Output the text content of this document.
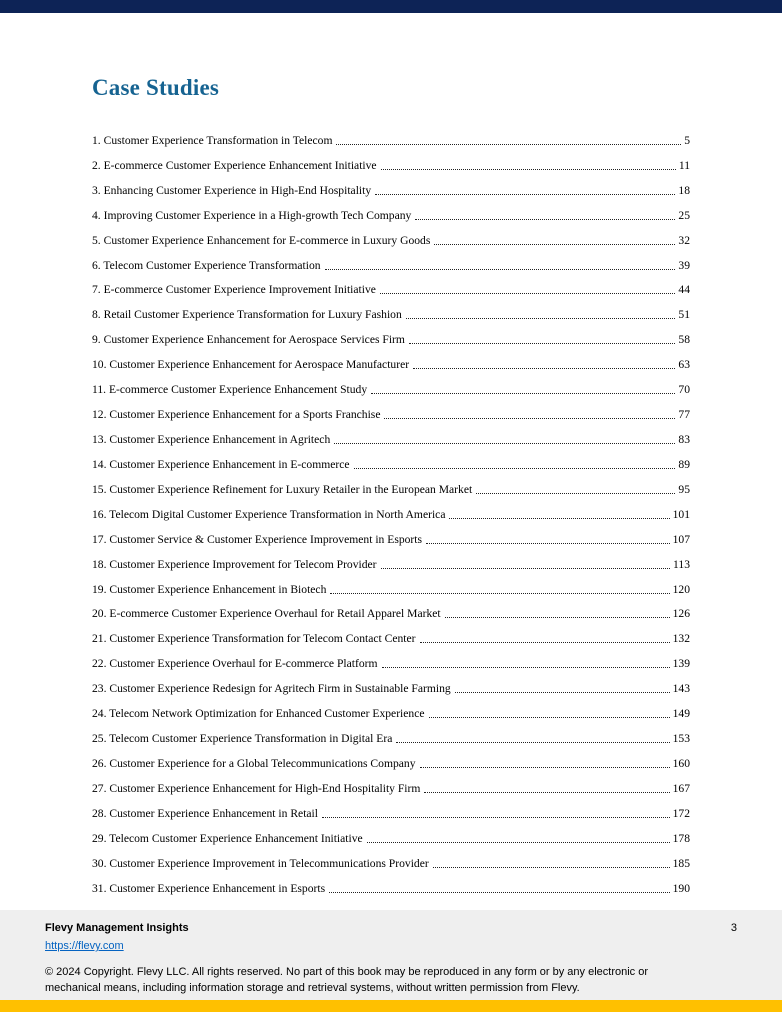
Case Studies
1. Customer Experience Transformation in Telecom	5
2. E-commerce Customer Experience Enhancement Initiative	11
3. Enhancing Customer Experience in High-End Hospitality	18
4. Improving Customer Experience in a High-growth Tech Company	25
5. Customer Experience Enhancement for E-commerce in Luxury Goods	32
6. Telecom Customer Experience Transformation	39
7. E-commerce Customer Experience Improvement Initiative	44
8. Retail Customer Experience Transformation for Luxury Fashion	51
9. Customer Experience Enhancement for Aerospace Services Firm	58
10. Customer Experience Enhancement for Aerospace Manufacturer	63
11. E-commerce Customer Experience Enhancement Study	70
12. Customer Experience Enhancement for a Sports Franchise	77
13. Customer Experience Enhancement in Agritech	83
14. Customer Experience Enhancement in E-commerce	89
15. Customer Experience Refinement for Luxury Retailer in the European Market	95
16. Telecom Digital Customer Experience Transformation in North America	101
17. Customer Service & Customer Experience Improvement in Esports	107
18. Customer Experience Improvement for Telecom Provider	113
19. Customer Experience Enhancement in Biotech	120
20. E-commerce Customer Experience Overhaul for Retail Apparel Market	126
21. Customer Experience Transformation for Telecom Contact Center	132
22. Customer Experience Overhaul for E-commerce Platform	139
23. Customer Experience Redesign for Agritech Firm in Sustainable Farming	143
24. Telecom Network Optimization for Enhanced Customer Experience	149
25. Telecom Customer Experience Transformation in Digital Era	153
26. Customer Experience for a Global Telecommunications Company	160
27. Customer Experience Enhancement for High-End Hospitality Firm	167
28. Customer Experience Enhancement in Retail	172
29. Telecom Customer Experience Enhancement Initiative	178
30. Customer Experience Improvement in Telecommunications Provider	185
31. Customer Experience Enhancement in Esports	190
Flevy Management Insights
https://flevy.com
3
© 2024 Copyright. Flevy LLC. All rights reserved. No part of this book may be reproduced in any form or by any electronic or mechanical means, including information storage and retrieval systems, without written permission from Flevy.
